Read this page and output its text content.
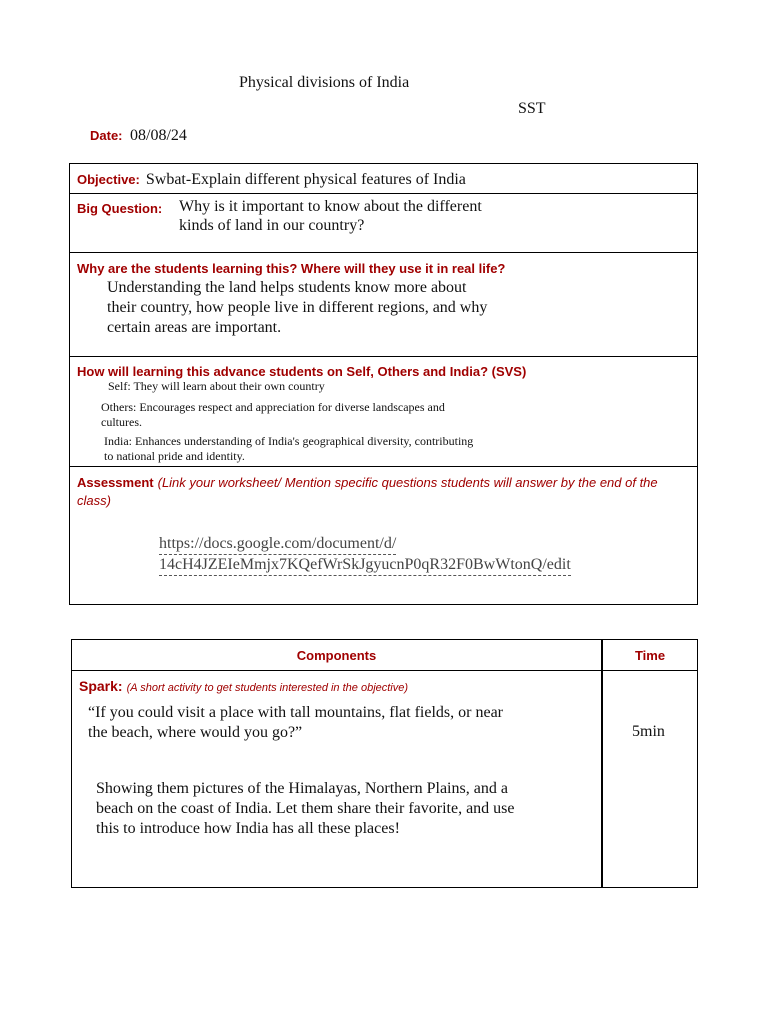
Physical divisions of India
SST
Date: 08/08/24
Objective: Swbat-Explain different physical features of India
Big Question: Why is it important to know about the different
kinds of land in our country?
Why are the students learning this? Where will they use it in real life?
Understanding the land helps students know more about
their country, how people live in different regions, and why
certain areas are important.
How will learning this advance students on Self, Others and India? (SVS)
Self: They will learn about their own country
Others: Encourages respect and appreciation for diverse landscapes and
cultures.
India: Enhances understanding of India's geographical diversity, contributing
to national pride and identity.
Assessment (Link your worksheet/ Mention specific questions students will answer by the end of the class)
https://docs.google.com/document/d/
14cH4JZEIeMmjx7KQefWrSkJgyucnP0qR32F0BwWtonQ/edit
Components	Time
Spark: (A short activity to get students interested in the objective)
“If you could visit a place with tall mountains, flat fields, or near
the beach, where would you go?”
Showing them pictures of the Himalayas, Northern Plains, and a
beach on the coast of India. Let them share their favorite, and use
this to introduce how India has all these places!
5min
